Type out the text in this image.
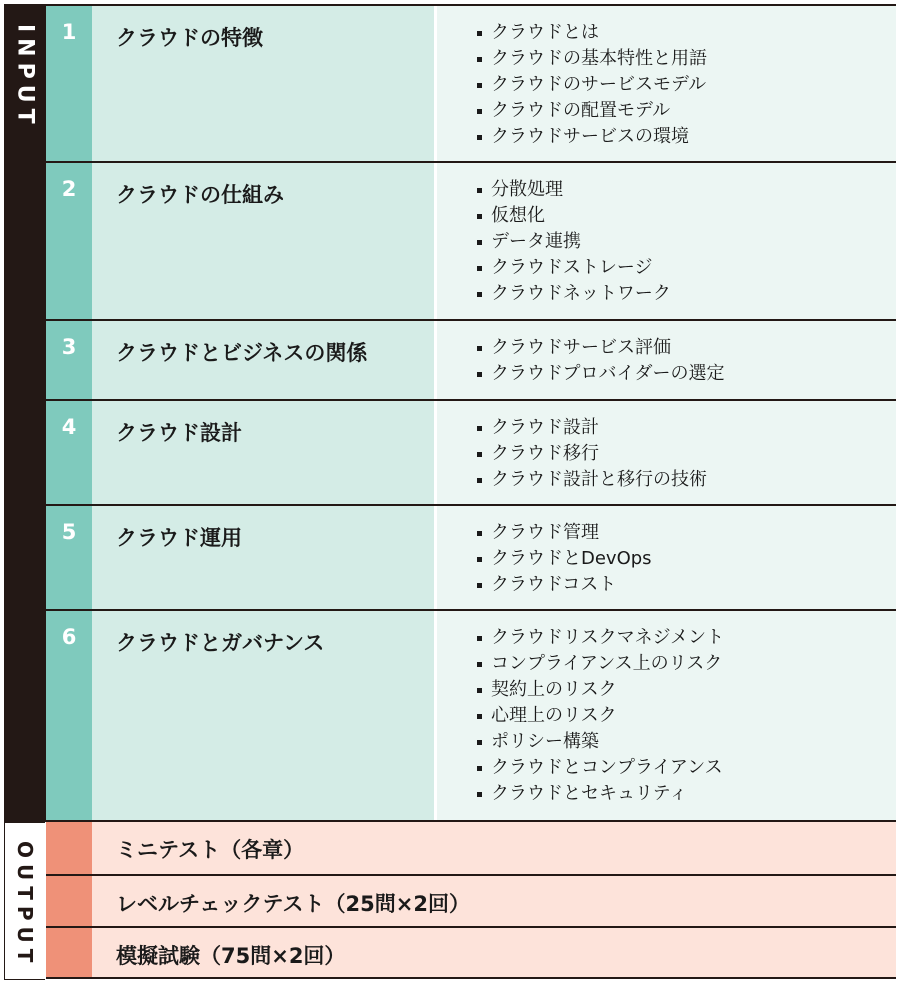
INPUT
OUTPUT
1	クラウドの特徴	クラウドとは
クラウドの基本特性と用語
クラウドのサービスモデル
クラウドの配置モデル
クラウドサービスの環境
2	クラウドの仕組み	分散処理
仮想化
データ連携
クラウドストレージ
クラウドネットワーク
3	クラウドとビジネスの関係	クラウドサービス評価
クラウドプロバイダーの選定
4	クラウド設計	クラウド設計
クラウド移行
クラウド設計と移行の技術
5	クラウド運用	クラウド管理
クラウドとDevOps
クラウドコスト
6	クラウドとガバナンス	クラウドリスクマネジメント
コンプライアンス上のリスク
契約上のリスク
心理上のリスク
ポリシー構築
クラウドとコンプライアンス
クラウドとセキュリティ
ミニテスト（各章）
レベルチェックテスト（25問×2回）
模擬試験（75問×2回）
